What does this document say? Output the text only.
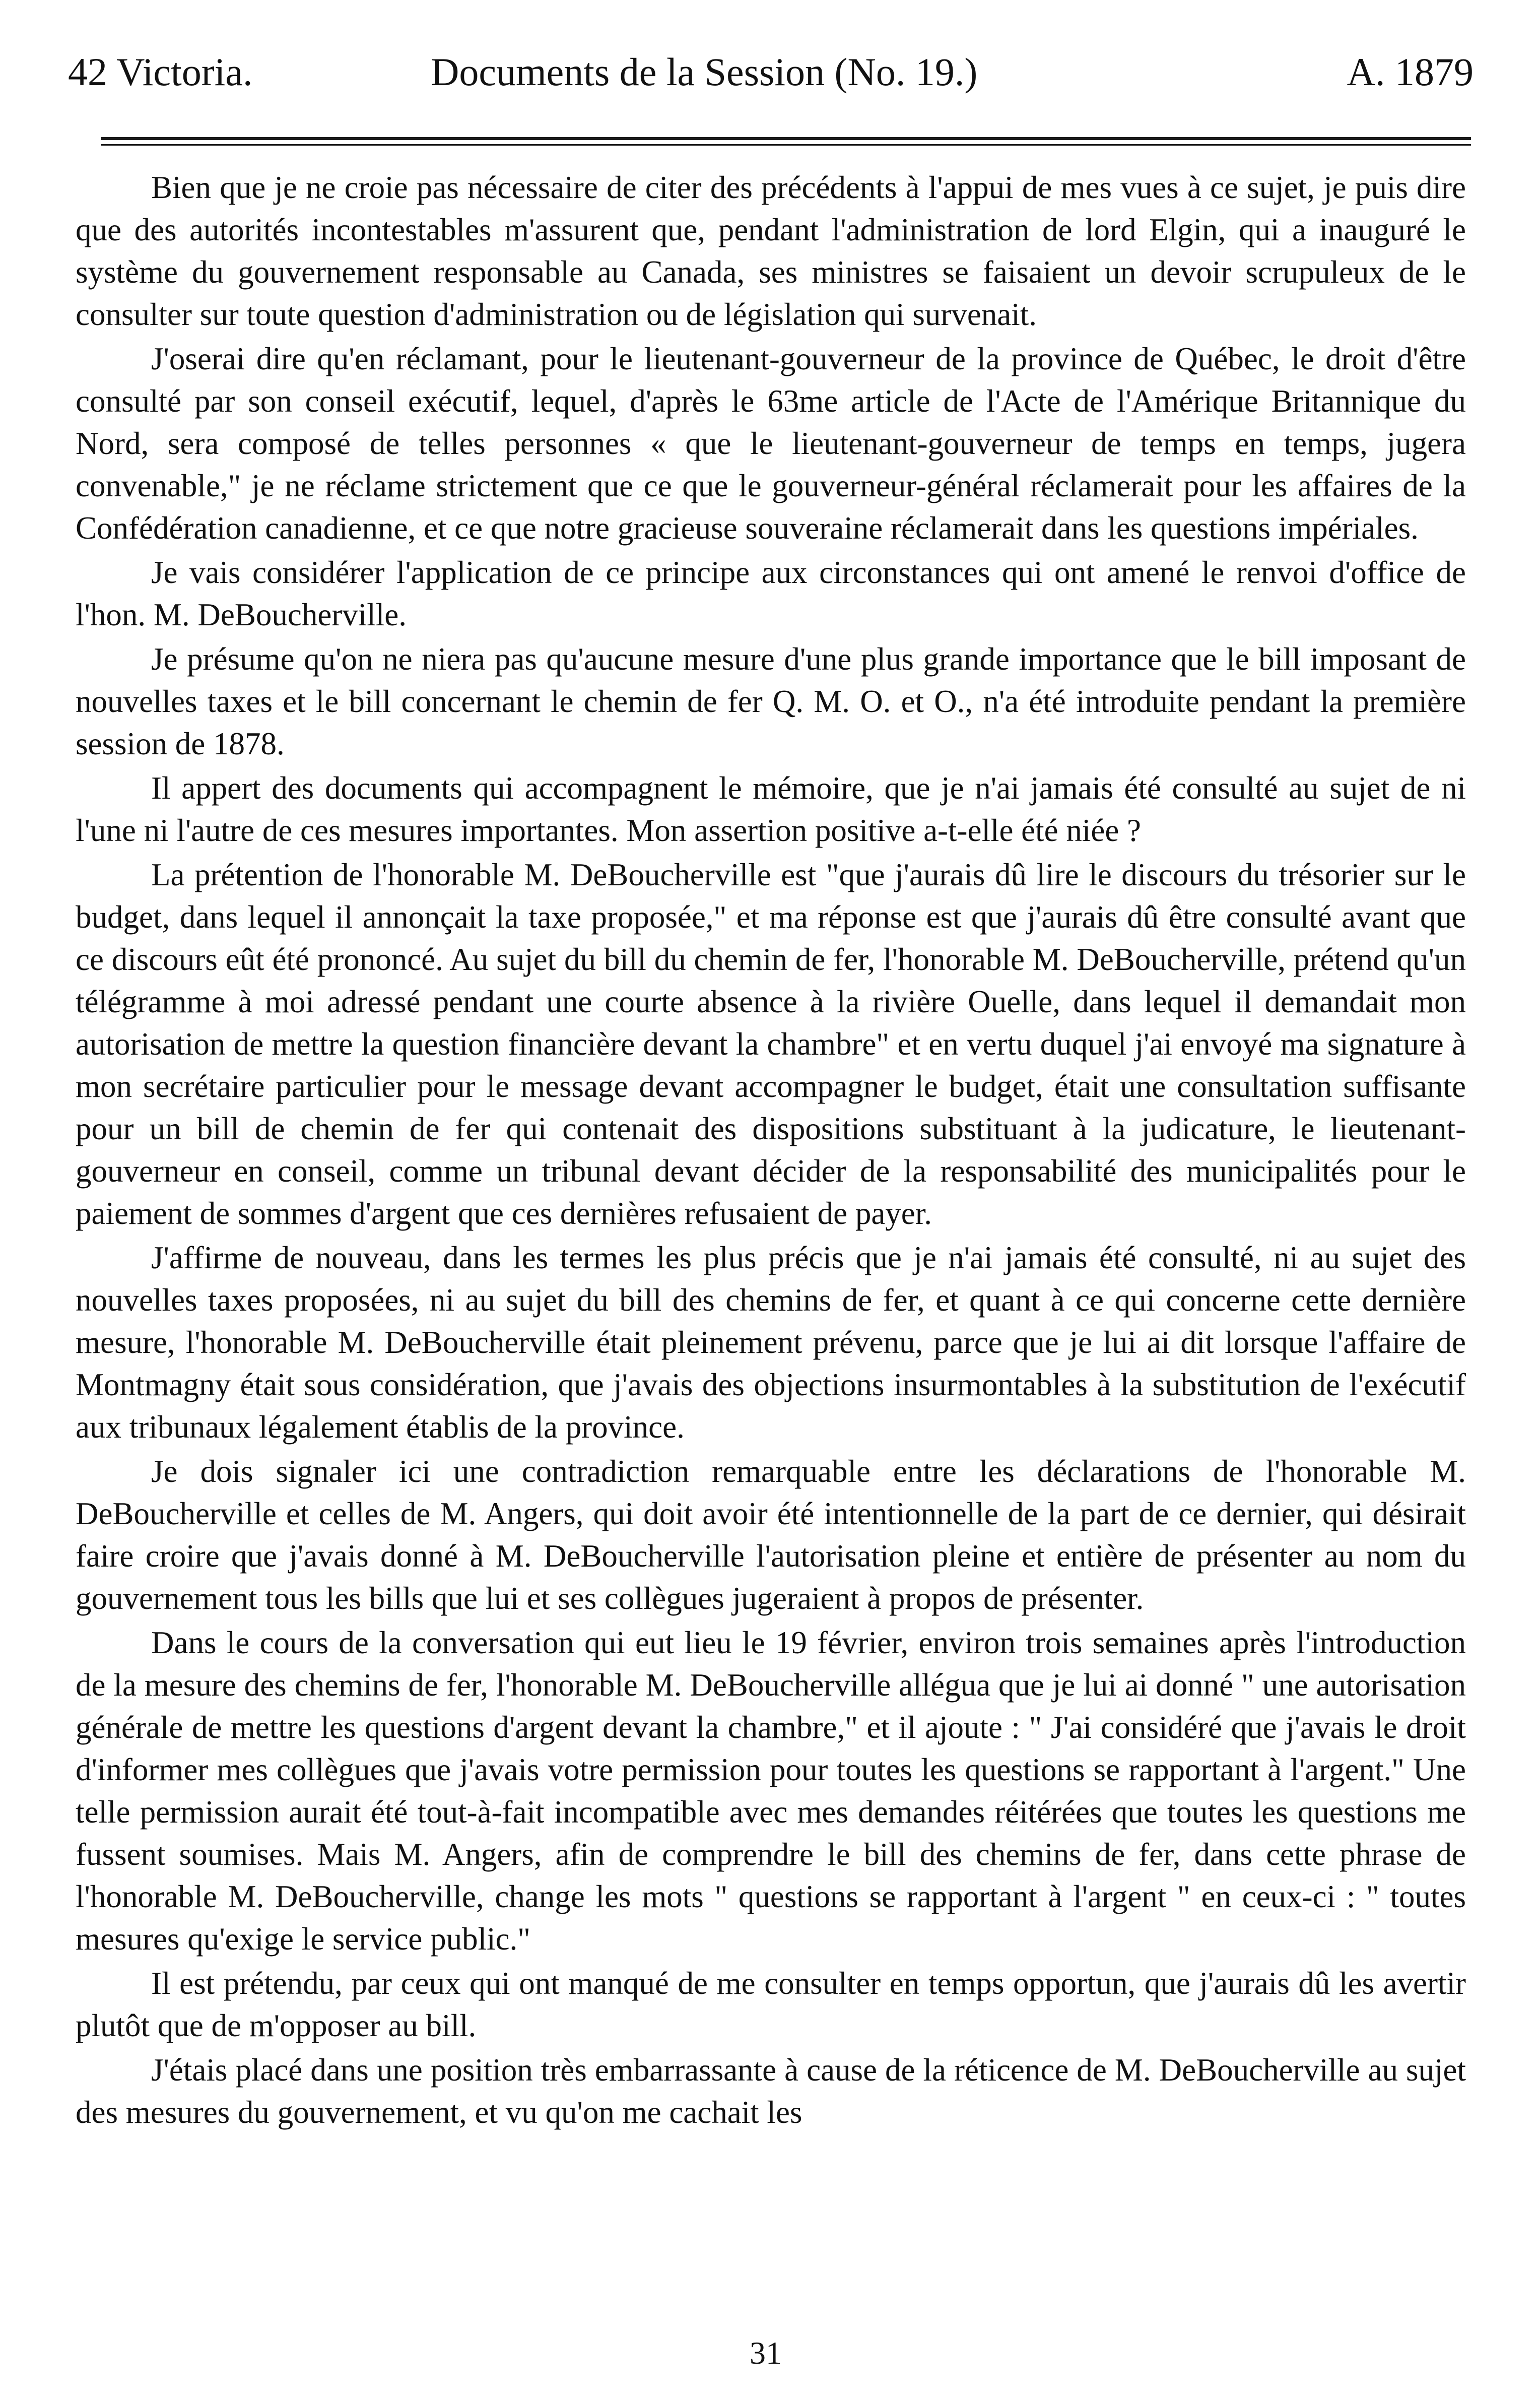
42 Victoria.	Documents de la Session (No. 19.)	A. 1879

Bien que je ne croie pas nécessaire de citer des précédents à l'appui de mes vues à ce sujet, je puis dire que des autorités incontestables m'assurent que, pendant l'administration de lord Elgin, qui a inauguré le système du gouvernement responsable au Canada, ses ministres se faisaient un devoir scrupuleux de le consulter sur toute question d'administration ou de législation qui survenait.

J'oserai dire qu'en réclamant, pour le lieutenant-gouverneur de la province de Québec, le droit d'être consulté par son conseil exécutif, lequel, d'après le 63me article de l'Acte de l'Amérique Britannique du Nord, sera composé de telles personnes « que le lieutenant-gouverneur de temps en temps, jugera convenable," je ne réclame strictement que ce que le gouverneur-général réclamerait pour les affaires de la Confédération canadienne, et ce que notre gracieuse souveraine réclamerait dans les questions impériales.

Je vais considérer l'application de ce principe aux circonstances qui ont amené le renvoi d'office de l'hon. M. DeBoucherville.

Je présume qu'on ne niera pas qu'aucune mesure d'une plus grande importance que le bill imposant de nouvelles taxes et le bill concernant le chemin de fer Q. M. O. et O., n'a été introduite pendant la première session de 1878.

Il appert des documents qui accompagnent le mémoire, que je n'ai jamais été consulté au sujet de ni l'une ni l'autre de ces mesures importantes. Mon assertion positive a-t-elle été niée ?

La prétention de l'honorable M. DeBoucherville est "que j'aurais dû lire le discours du trésorier sur le budget, dans lequel il annonçait la taxe proposée," et ma réponse est que j'aurais dû être consulté avant que ce discours eût été prononcé. Au sujet du bill du chemin de fer, l'honorable M. DeBoucherville, prétend qu'un télégramme à moi adressé pendant une courte absence à la rivière Ouelle, dans lequel il demandait mon autorisation de mettre la question financière devant la chambre" et en vertu duquel j'ai envoyé ma signature à mon secrétaire particulier pour le message devant accompagner le budget, était une consultation suffisante pour un bill de chemin de fer qui contenait des dispositions substituant à la judicature, le lieutenant-gouverneur en conseil, comme un tribunal devant décider de la responsabilité des municipalités pour le paiement de sommes d'argent que ces dernières refusaient de payer.

J'affirme de nouveau, dans les termes les plus précis que je n'ai jamais été consulté, ni au sujet des nouvelles taxes proposées, ni au sujet du bill des chemins de fer, et quant à ce qui concerne cette dernière mesure, l'honorable M. DeBoucherville était pleinement prévenu, parce que je lui ai dit lorsque l'affaire de Montmagny était sous considération, que j'avais des objections insurmontables à la substitution de l'exécutif aux tribunaux légalement établis de la province.

Je dois signaler ici une contradiction remarquable entre les déclarations de l'honorable M. DeBoucherville et celles de M. Angers, qui doit avoir été intentionnelle de la part de ce dernier, qui désirait faire croire que j'avais donné à M. DeBoucherville l'autorisation pleine et entière de présenter au nom du gouvernement tous les bills que lui et ses collègues jugeraient à propos de présenter.

Dans le cours de la conversation qui eut lieu le 19 février, environ trois semaines après l'introduction de la mesure des chemins de fer, l'honorable M. DeBoucherville allégua que je lui ai donné " une autorisation générale de mettre les questions d'argent devant la chambre," et il ajoute : " J'ai considéré que j'avais le droit d'informer mes collègues que j'avais votre permission pour toutes les questions se rapportant à l'argent." Une telle permission aurait été tout-à-fait incompatible avec mes demandes réitérées que toutes les questions me fussent soumises. Mais M. Angers, afin de comprendre le bill des chemins de fer, dans cette phrase de l'honorable M. DeBoucherville, change les mots " questions se rapportant à l'argent " en ceux-ci : " toutes mesures qu'exige le service public."

Il est prétendu, par ceux qui ont manqué de me consulter en temps opportun, que j'aurais dû les avertir plutôt que de m'opposer au bill.

J'étais placé dans une position très embarrassante à cause de la réticence de M. DeBoucherville au sujet des mesures du gouvernement, et vu qu'on me cachait les

31
